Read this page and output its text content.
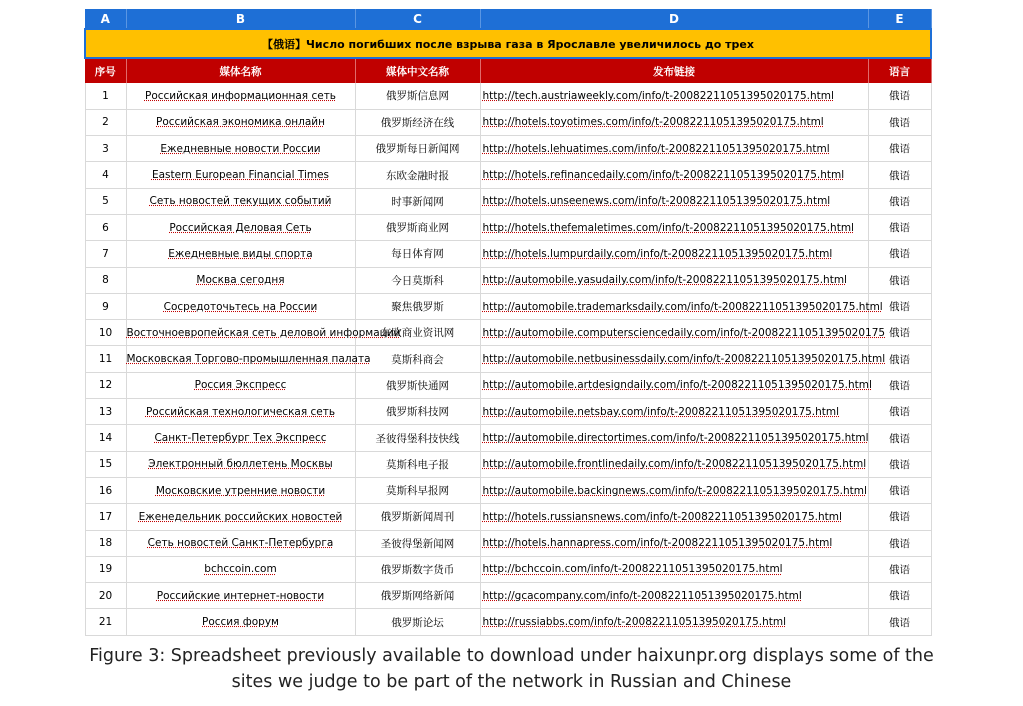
A	B	C	D	E
【俄语】Число погибших после взрыва газа в Ярославле увеличилось до трех				
序号	媒体名称	媒体中文名称	发布链接	语言
1	Российская информационная сеть	俄罗斯信息网	http://tech.austriaweekly.com/info/t-20082211051395020175.html	俄语
2	Российская экономика онлайн	俄罗斯经济在线	http://hotels.toyotimes.com/info/t-20082211051395020175.html	俄语
3	Ежедневные новости России	俄罗斯每日新闻网	http://hotels.lehuatimes.com/info/t-20082211051395020175.html	俄语
4	Eastern European Financial Times	东欧金融时报	http://hotels.refinancedaily.com/info/t-20082211051395020175.html	俄语
5	Сеть новостей текущих событий	时事新闻网	http://hotels.unseenews.com/info/t-20082211051395020175.html	俄语
6	Российская Деловая Сеть	俄罗斯商业网	http://hotels.thefemaletimes.com/info/t-20082211051395020175.html	俄语
7	Ежедневные виды спорта	每日体育网	http://hotels.lumpurdaily.com/info/t-20082211051395020175.html	俄语
8	Москва сегодня	今日莫斯科	http://automobile.yasudaily.com/info/t-20082211051395020175.html	俄语
9	Сосредоточьтесь на России	聚焦俄罗斯	http://automobile.trademarksdaily.com/info/t-20082211051395020175.html	俄语
10	Восточноевропейская сеть деловой информации	东欧商业资讯网	http://automobile.computersciencedaily.com/info/t-20082211051395020175	俄语
11	Московская Торгово-промышленная палата	莫斯科商会	http://automobile.netbusinessdaily.com/info/t-20082211051395020175.html	俄语
12	Россия Экспресс	俄罗斯快通网	http://automobile.artdesigndaily.com/info/t-20082211051395020175.html	俄语
13	Российская технологическая сеть	俄罗斯科技网	http://automobile.netsbay.com/info/t-20082211051395020175.html	俄语
14	Санкт-Петербург Тех Экспресс	圣彼得堡科技快线	http://automobile.directortimes.com/info/t-20082211051395020175.html	俄语
15	Электронный бюллетень Москвы	莫斯科电子报	http://automobile.frontlinedaily.com/info/t-20082211051395020175.html	俄语
16	Московские утренние новости	莫斯科早报网	http://automobile.backingnews.com/info/t-20082211051395020175.html	俄语
17	Еженедельник российских новостей	俄罗斯新闻周刊	http://hotels.russiansnews.com/info/t-20082211051395020175.html	俄语
18	Сеть новостей Санкт-Петербурга	圣彼得堡新闻网	http://hotels.hannapress.com/info/t-20082211051395020175.html	俄语
19	bchccoin.com	俄罗斯数字货币	http://bchccoin.com/info/t-20082211051395020175.html	俄语
20	Российские интернет-новости	俄罗斯网络新闻	http://gcacompany.com/info/t-20082211051395020175.html	俄语
21	Россия форум	俄罗斯论坛	http://russiabbs.com/info/t-20082211051395020175.html	俄语
Figure 3: Spreadsheet previously available to download under haixunpr.org displays some of the
sites we judge to be part of the network in Russian and Chinese
